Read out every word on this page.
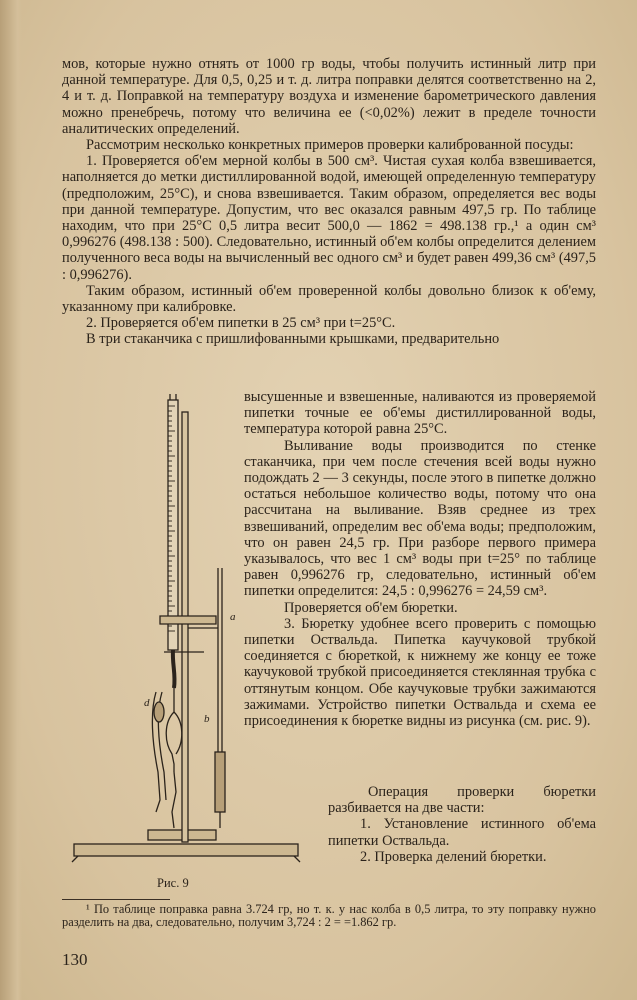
мов, которые нужно отнять от 1000 гр воды, чтобы получить истинный литр при данной температуре. Для 0,5, 0,25 и т. д. литра поправки делятся соответственно на 2, 4 и т. д. Поправкой на температуру воздуха и изменение барометрического давления можно пренебречь, потому что величина ее (<0,02%) лежит в пределе точности аналитических определений.

Рассмотрим несколько конкретных примеров проверки калиброванной посуды:

1. Проверяется об'ем мерной колбы в 500 см³. Чистая сухая колба взвешивается, наполняется до метки дистиллированной водой, имеющей определенную температуру (предположим, 25°С), и снова взвешивается. Таким образом, определяется вес воды при данной температуре. Допустим, что вес оказался равным 497,5 гр. По таблице находим, что при 25°С 0,5 литра весит 500,0 — 1862 = 498.138 гр.,¹ а один см³ 0,996276 (498.138 : 500). Следовательно, истинный об'ем колбы определится делением полученного веса воды на вычисленный вес одного см³ и будет равен 499,36 см³ (497,5 : 0,996276).

Таким образом, истинный об'ем проверенной колбы довольно близок к об'ему, указанному при калибровке.

2. Проверяется об'ем пипетки в 25 см³ при t=25°С.

В три стаканчика с пришлифованными крышками, предварительно

высушенные и взвешенные, наливаются из проверяемой пипетки точные ее об'емы дистиллированной воды, температура которой равна 25°С.

Выливание воды производится по стенке стаканчика, при чем после стечения всей воды нужно подождать 2 — 3 секунды, после этого в пипетке должно остаться небольшое количество воды, потому что она рассчитана на выливание. Взяв среднее из трех взвешиваний, определим вес об'ема воды; предположим, что он равен 24,5 гр. При разборе первого примера указывалось, что вес 1 см³ воды при t=25° по таблице равен 0,996276 гр, следовательно, истинный об'ем пипетки определится: 24,5 : 0,996276 = 24,59 см³.

Проверяется об'ем бюретки.

3. Бюретку удобнее всего проверить с помощью пипетки Оствальда. Пипетка каучуковой трубкой соединяется с бюреткой, к нижнему же концу ее тоже каучуковой трубкой присоединяется стеклянная трубка с оттянутым концом. Обе каучуковые трубки зажимаются зажимами. Устройство пипетки Оствальда и схема ее присоединения к бюретке видны из рисунка (см. рис. 9).

Операция проверки бюретки разбивается на две части:

1. Установление истинного об'ема пипетки Оствальда.

2. Проверка делений бюретки.

a
b
d
Рис. 9

¹ По таблице поправка равна 3.724 гр, но т. к. у нас колба в 0,5 литра, то эту поправку нужно разделить на два, следовательно, получим 3,724 : 2 = =1.862 гр.

130
